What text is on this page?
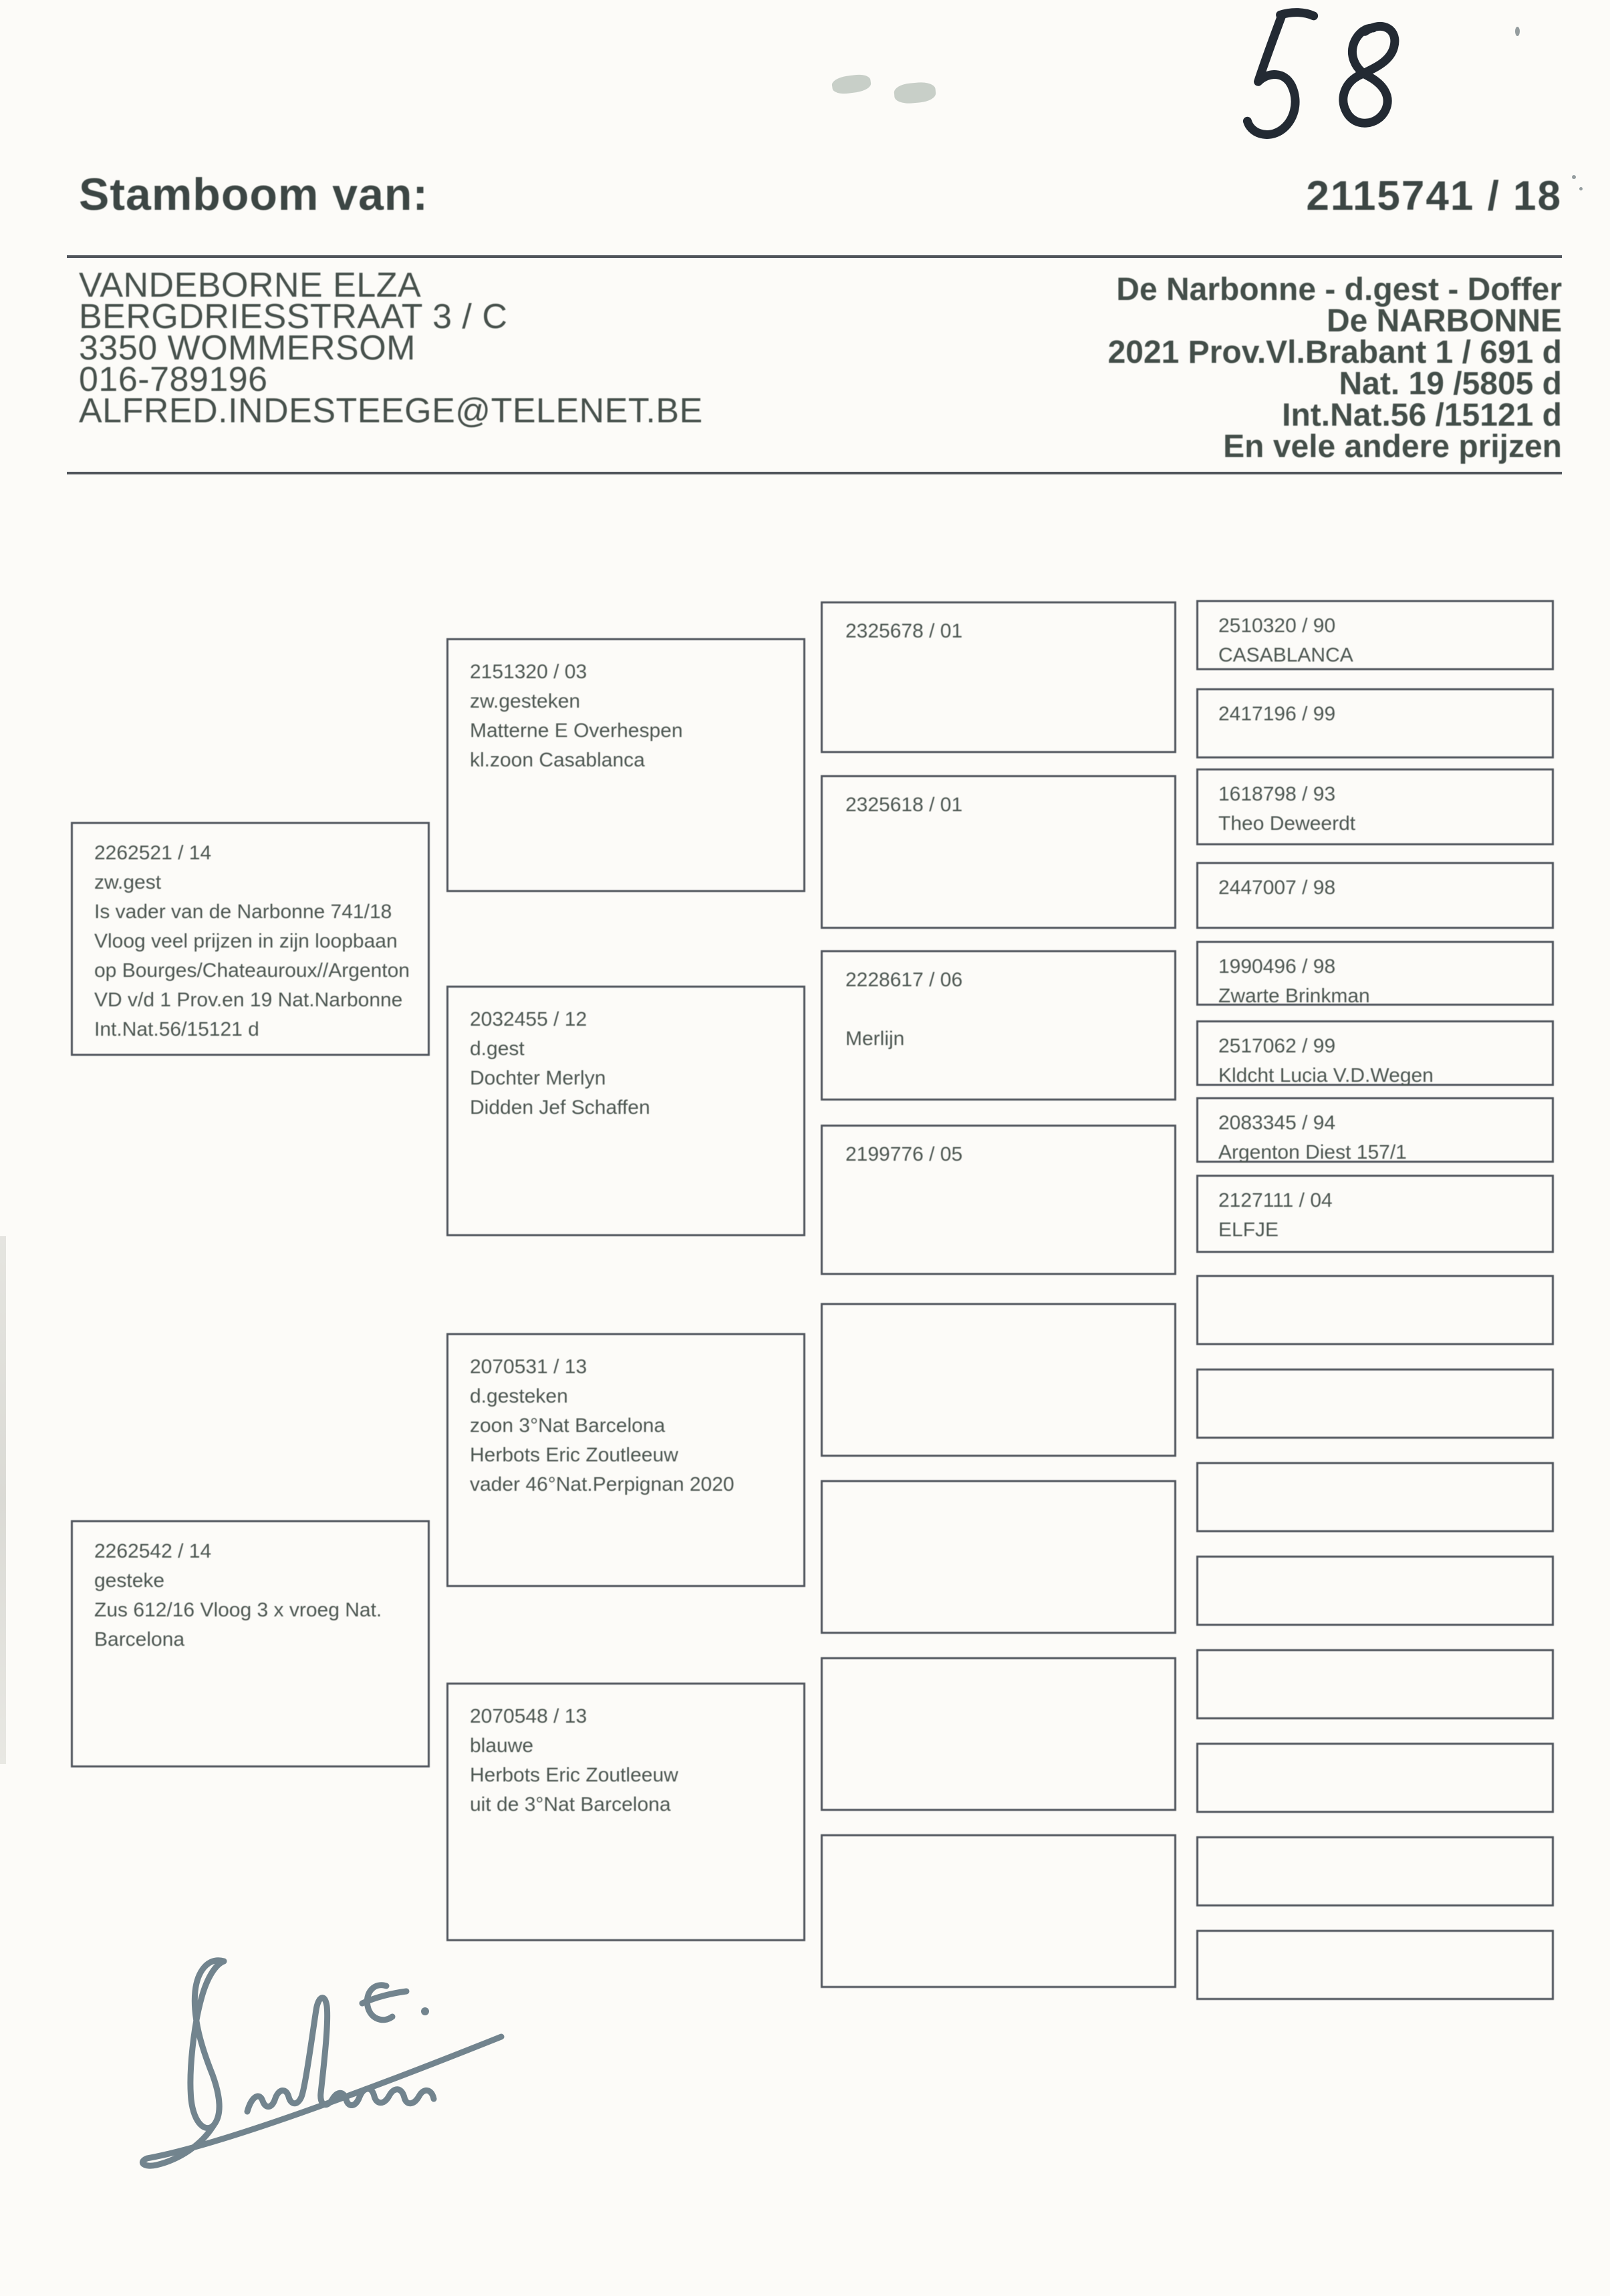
Stamboom van:	2115741 / 18
VANDEBORNE ELZA
BERGDRIESSTRAAT 3 / C
3350 WOMMERSOM
016-789196
ALFRED.INDESTEEGE@TELENET.BE
De Narbonne - d.gest - Doffer
De NARBONNE
2021 Prov.Vl.Brabant 1 / 691 d
Nat. 19 /5805 d
Int.Nat.56 /15121 d
En vele andere prijzen
2262521 / 14
zw.gest
Is vader van de Narbonne 741/18
Vloog veel prijzen in zijn loopbaan
op Bourges/Chateauroux//Argenton
VD v/d 1 Prov.en 19 Nat.Narbonne
Int.Nat.56/15121 d
2262542 / 14
gesteke
Zus 612/16 Vloog 3 x vroeg Nat.
Barcelona
2151320 / 03
zw.gesteken
Matterne E Overhespen
kl.zoon Casablanca
2032455 / 12
d.gest
Dochter Merlyn
Didden Jef Schaffen
2070531 / 13
d.gesteken
zoon 3°Nat Barcelona
Herbots Eric Zoutleeuw
vader 46°Nat.Perpignan 2020
2070548 / 13
blauwe
Herbots Eric Zoutleeuw
uit de 3°Nat Barcelona
2325678 / 01
2325618 / 01
2228617 / 06
Merlijn
2199776 / 05
2510320 / 90
CASABLANCA
2417196 / 99
1618798 / 93
Theo Deweerdt
2447007 / 98
1990496 / 98
Zwarte Brinkman
2517062 / 99
Kldcht Lucia V.D.Wegen
2083345 / 94
Argenton Diest 157/1
2127111 / 04
ELFJE
